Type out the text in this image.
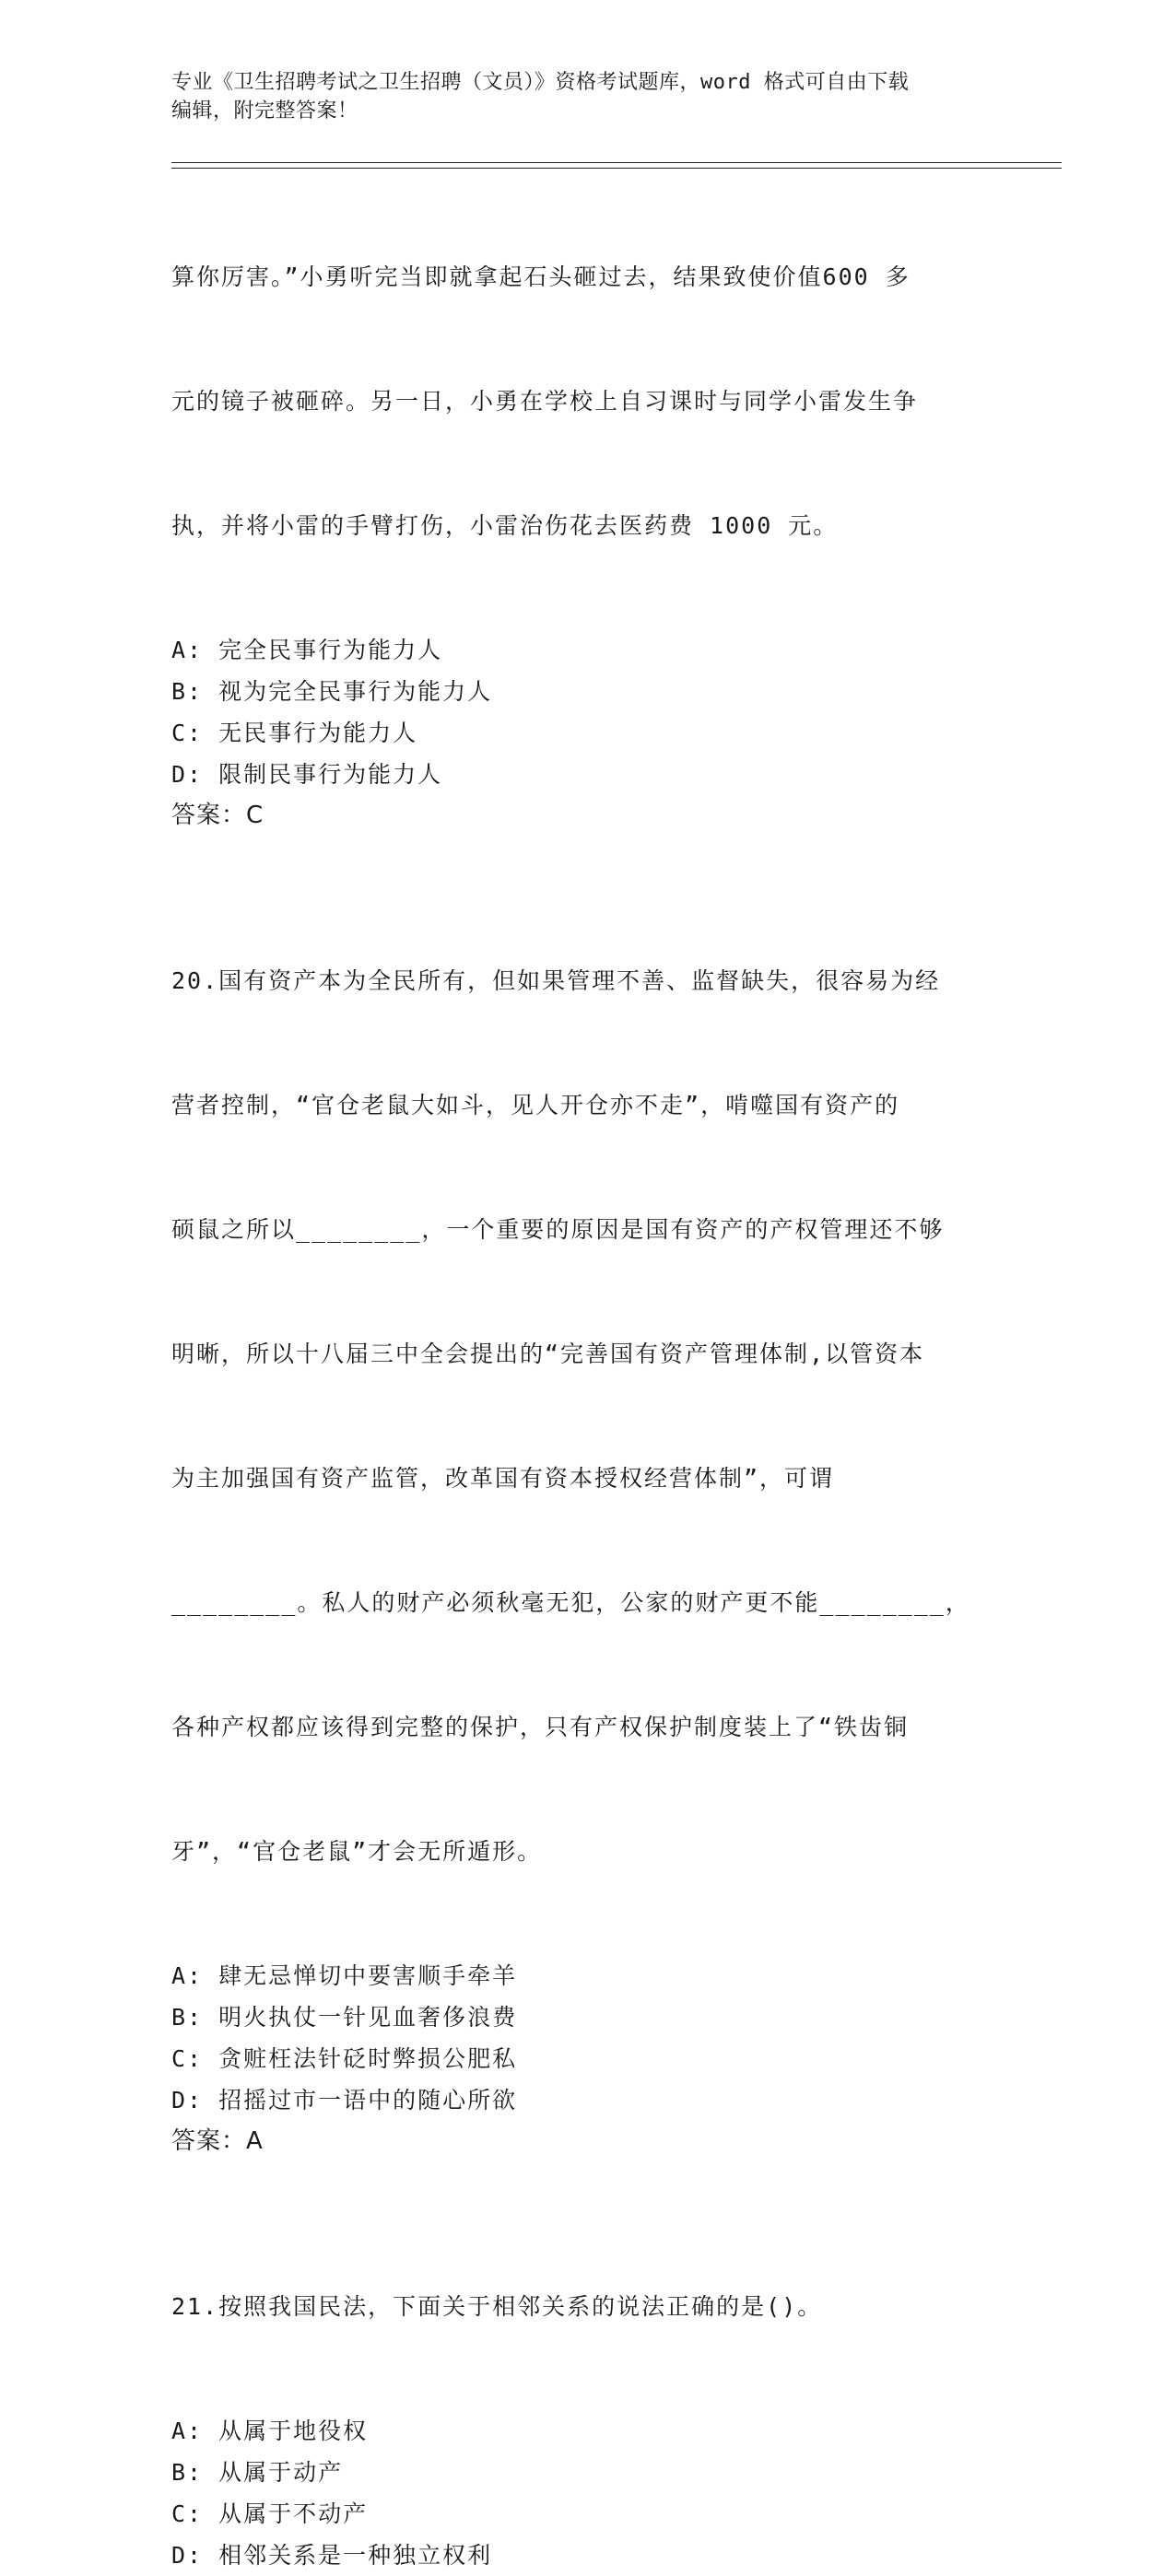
专业《卫生招聘考试之卫生招聘（文员）》资格考试题库，word 格式可自由下载
编辑，附完整答案！

算你厉害。”小勇听完当即就拿起石头砸过去，结果致使价值600 多

元的镜子被砸碎。另一日，小勇在学校上自习课时与同学小雷发生争

执，并将小雷的手臂打伤，小雷治伤花去医药费 1000 元。

A: 完全民事行为能力人
B: 视为完全民事行为能力人
C: 无民事行为能力人
D: 限制民事行为能力人
答案：C

20.国有资产本为全民所有，但如果管理不善、监督缺失，很容易为经

营者控制，“官仓老鼠大如斗，见人开仓亦不走”，啃噬国有资产的

硕鼠之所以________，一个重要的原因是国有资产的产权管理还不够

明晰，所以十八届三中全会提出的“完善国有资产管理体制,以管资本

为主加强国有资产监管，改革国有资本授权经营体制”，可谓

________。私人的财产必须秋毫无犯，公家的财产更不能________，

各种产权都应该得到完整的保护，只有产权保护制度装上了“铁齿铜

牙”，“官仓老鼠”才会无所遁形。

A: 肆无忌惮切中要害顺手牵羊
B: 明火执仗一针见血奢侈浪费
C: 贪赃枉法针砭时弊损公肥私
D: 招摇过市一语中的随心所欲
答案：A

21.按照我国民法，下面关于相邻关系的说法正确的是()。

A: 从属于地役权
B: 从属于动产
C: 从属于不动产
D: 相邻关系是一种独立权利
